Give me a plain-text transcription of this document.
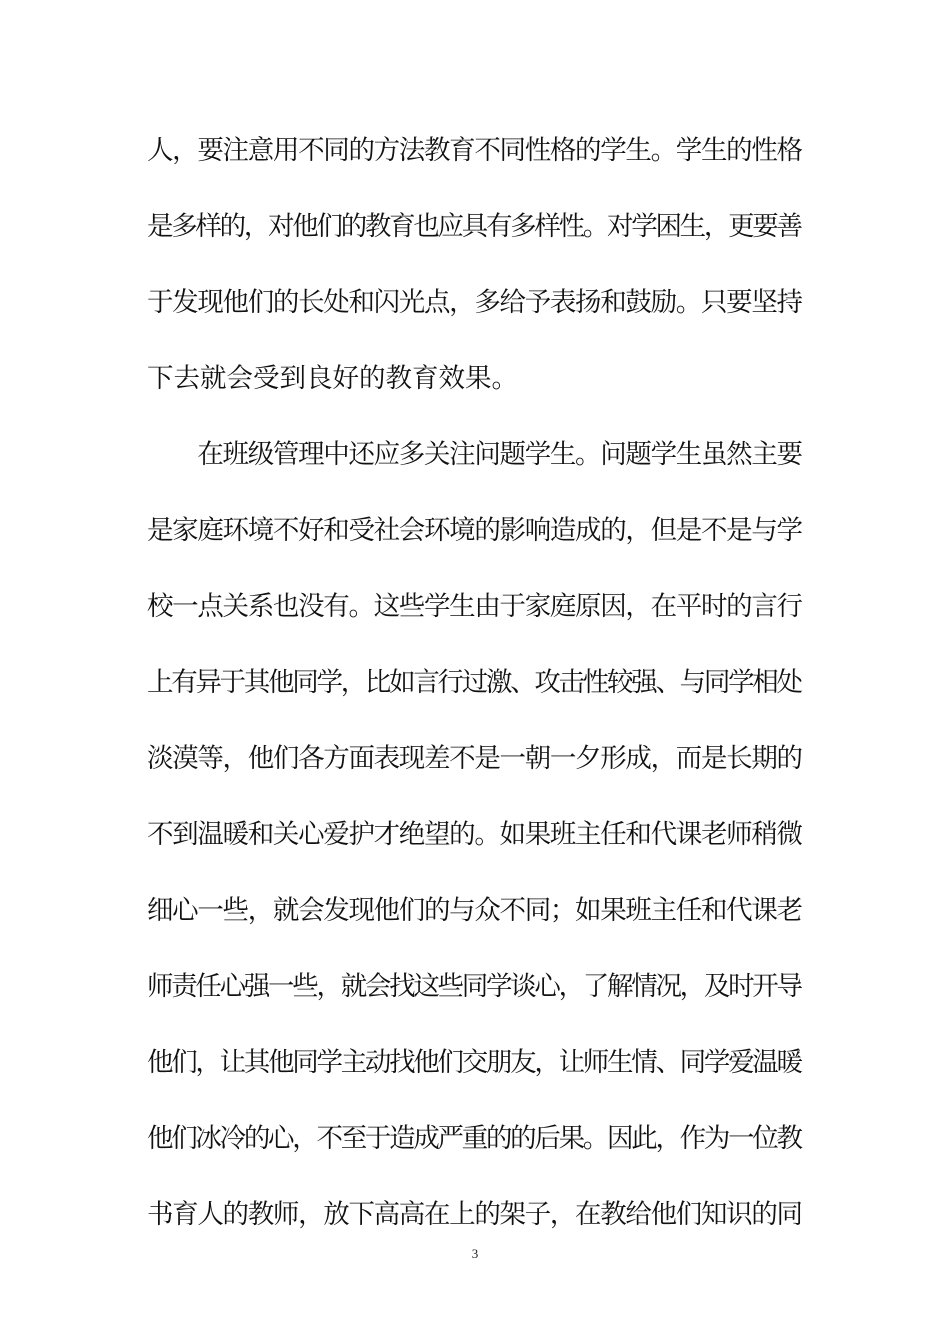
人，要注意用不同的方法教育不同性格的学生。学生的性格
是多样的，对他们的教育也应具有多样性。对学困生，更要善
于发现他们的长处和闪光点，多给予表扬和鼓励。只要坚持
下去就会受到良好的教育效果。
　　在班级管理中还应多关注问题学生。问题学生虽然主要
是家庭环境不好和受社会环境的影响造成的，但是不是与学
校一点关系也没有。这些学生由于家庭原因，在平时的言行
上有异于其他同学，比如言行过激、攻击性较强、与同学相处
淡漠等，他们各方面表现差不是一朝一夕形成，而是长期的
不到温暖和关心爱护才绝望的。如果班主任和代课老师稍微
细心一些，就会发现他们的与众不同；如果班主任和代课老
师责任心强一些，就会找这些同学谈心，了解情况，及时开导
他们，让其他同学主动找他们交朋友，让师生情、同学爱温暖
他们冰冷的心，不至于造成严重的的后果。因此，作为一位教
书育人的教师，放下高高在上的架子，在教给他们知识的同
3
